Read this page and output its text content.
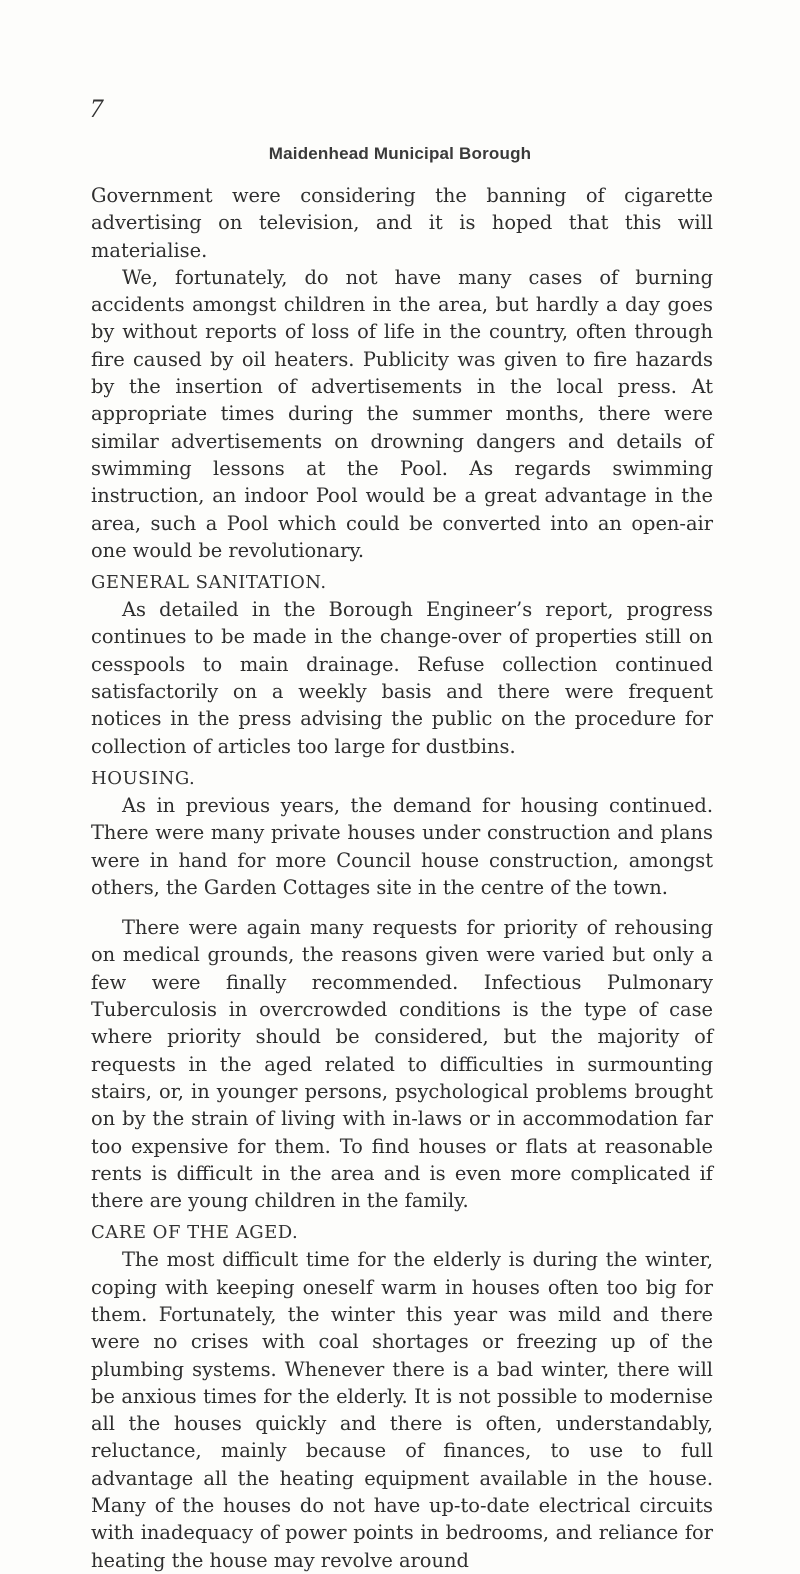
7
Maidenhead Municipal Borough

Government were considering the banning of cigarette advertising on television, and it is hoped that this will materialise.

We, fortunately, do not have many cases of burning accidents amongst children in the area, but hardly a day goes by without reports of loss of life in the country, often through fire caused by oil heaters. Publicity was given to fire hazards by the insertion of advertisements in the local press. At appropriate times during the summer months, there were similar advertisements on drowning dangers and details of swimming lessons at the Pool. As regards swimming instruction, an indoor Pool would be a great advantage in the area, such a Pool which could be converted into an open-air one would be revolutionary.

GENERAL SANITATION.

As detailed in the Borough Engineer’s report, progress continues to be made in the change-over of properties still on cesspools to main drainage. Refuse collection continued satisfactorily on a weekly basis and there were frequent notices in the press advising the public on the procedure for collection of articles too large for dustbins.

HOUSING.

As in previous years, the demand for housing continued. There were many private houses under construction and plans were in hand for more Council house construction, amongst others, the Garden Cottages site in the centre of the town.

There were again many requests for priority of rehousing on medical grounds, the reasons given were varied but only a few were finally recommended. Infectious Pulmonary Tuberculosis in overcrowded conditions is the type of case where priority should be considered, but the majority of requests in the aged related to difficulties in surmounting stairs, or, in younger persons, psychological problems brought on by the strain of living with in-laws or in accommodation far too expensive for them. To find houses or flats at reasonable rents is difficult in the area and is even more complicated if there are young children in the family.

CARE OF THE AGED.

The most difficult time for the elderly is during the winter, coping with keeping oneself warm in houses often too big for them. Fortunately, the winter this year was mild and there were no crises with coal shortages or freezing up of the plumbing systems. Whenever there is a bad winter, there will be anxious times for the elderly. It is not possible to modernise all the houses quickly and there is often, understandably, reluctance, mainly because of finances, to use to full advantage all the heating equipment available in the house. Many of the houses do not have up-to-date electrical circuits with inadequacy of power points in bedrooms, and reliance for heating the house may revolve around
